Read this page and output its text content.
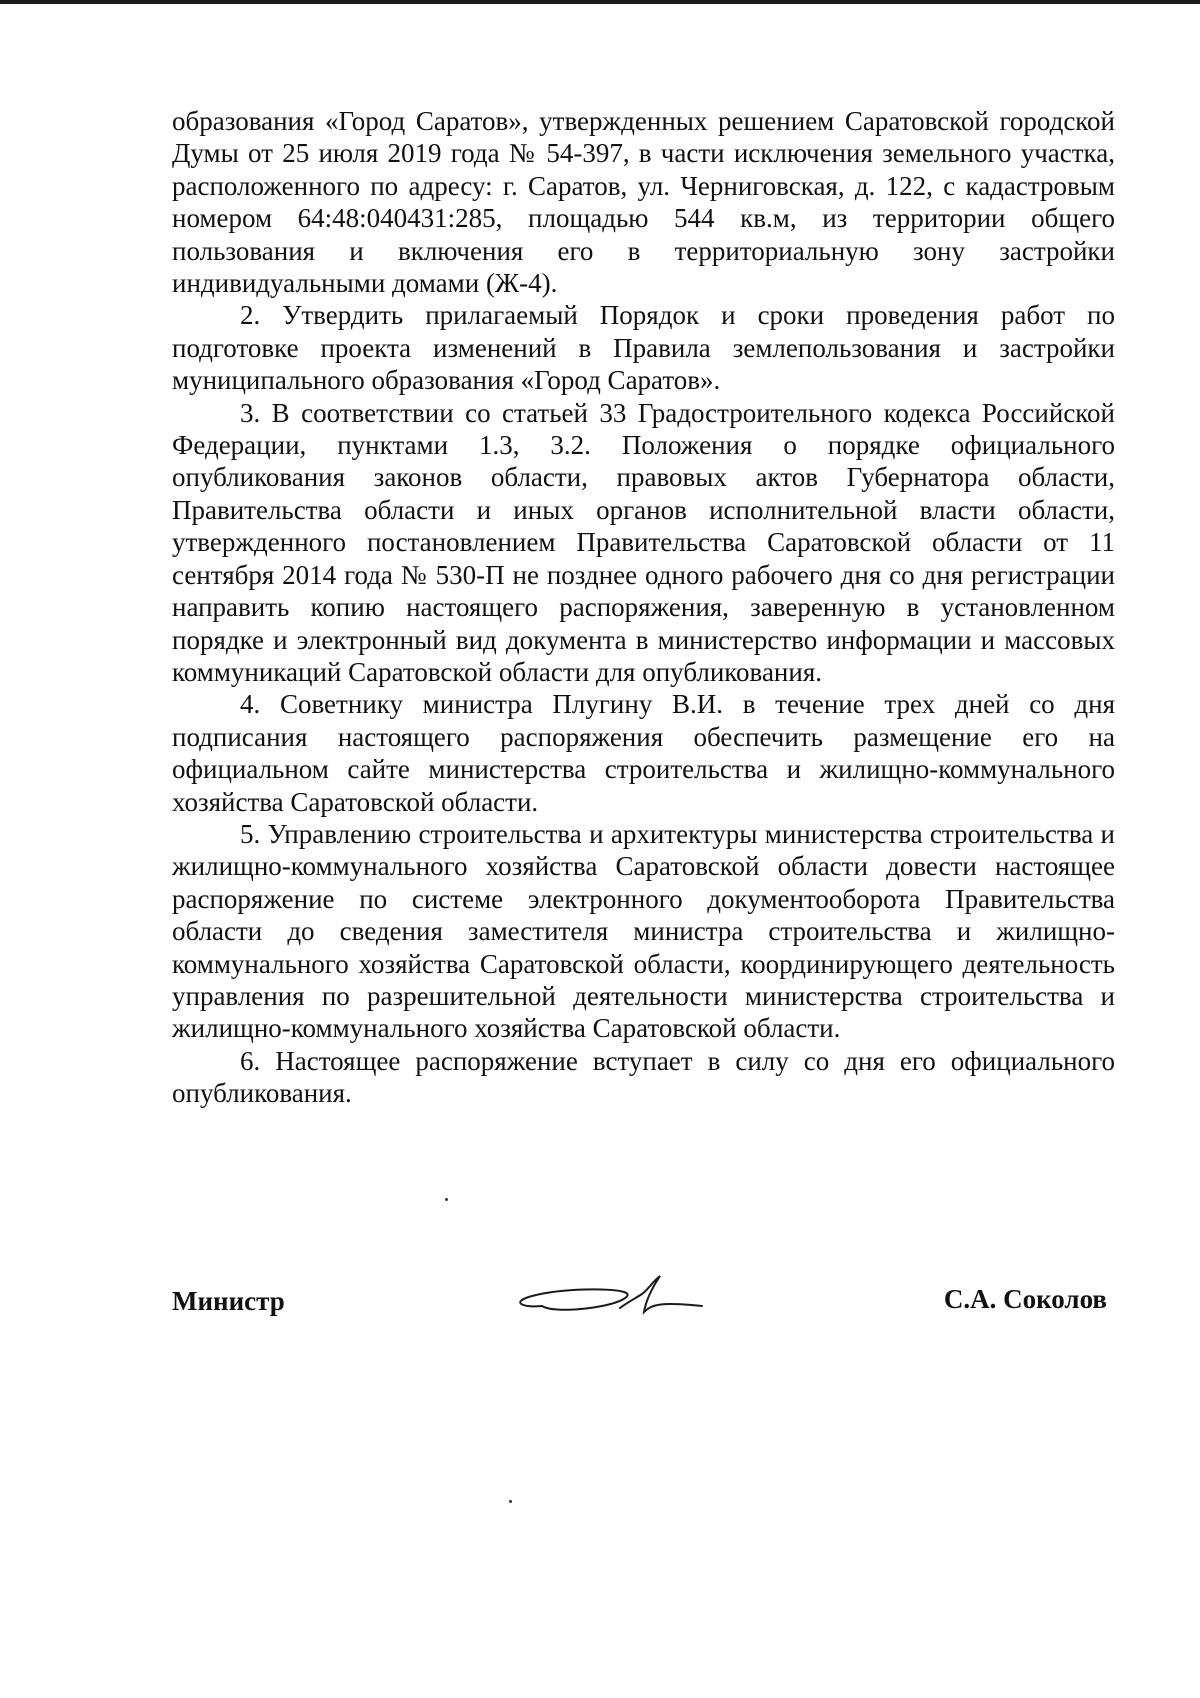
образования «Город Саратов», утвержденных решением Саратовской городской Думы от 25 июля 2019 года № 54-397, в части исключения земельного участка, расположенного по адресу: г. Саратов, ул. Черниговская, д. 122, с кадастровым номером 64:48:040431:285, площадью 544 кв.м, из территории общего пользования и включения его в территориальную зону застройки индивидуальными домами (Ж-4).

2. Утвердить прилагаемый Порядок и сроки проведения работ по подготовке проекта изменений в Правила землепользования и застройки муниципального образования «Город Саратов».

3. В соответствии со статьей 33 Градостроительного кодекса Российской Федерации, пунктами 1.3, 3.2. Положения о порядке официального опубликования законов области, правовых актов Губернатора области, Правительства области и иных органов исполнительной власти области, утвержденного постановлением Правительства Саратовской области от 11 сентября 2014 года № 530-П не позднее одного рабочего дня со дня регистрации направить копию настоящего распоряжения, заверенную в установленном порядке и электронный вид документа в министерство информации и массовых коммуникаций Саратовской области для опубликования.

4. Советнику министра Плугину В.И. в течение трех дней со дня подписания настоящего распоряжения обеспечить размещение его на официальном сайте министерства строительства и жилищно-коммунального хозяйства Саратовской области.

5. Управлению строительства и архитектуры министерства строительства и жилищно-коммунального хозяйства Саратовской области довести настоящее распоряжение по системе электронного документооборота Правительства области до сведения заместителя министра строительства и жилищно-коммунального хозяйства Саратовской области, координирующего деятельность управления по разрешительной деятельности министерства строительства и жилищно-коммунального хозяйства Саратовской области.

6. Настоящее распоряжение вступает в силу со дня его официального опубликования.

Министр	С.А. Соколов
